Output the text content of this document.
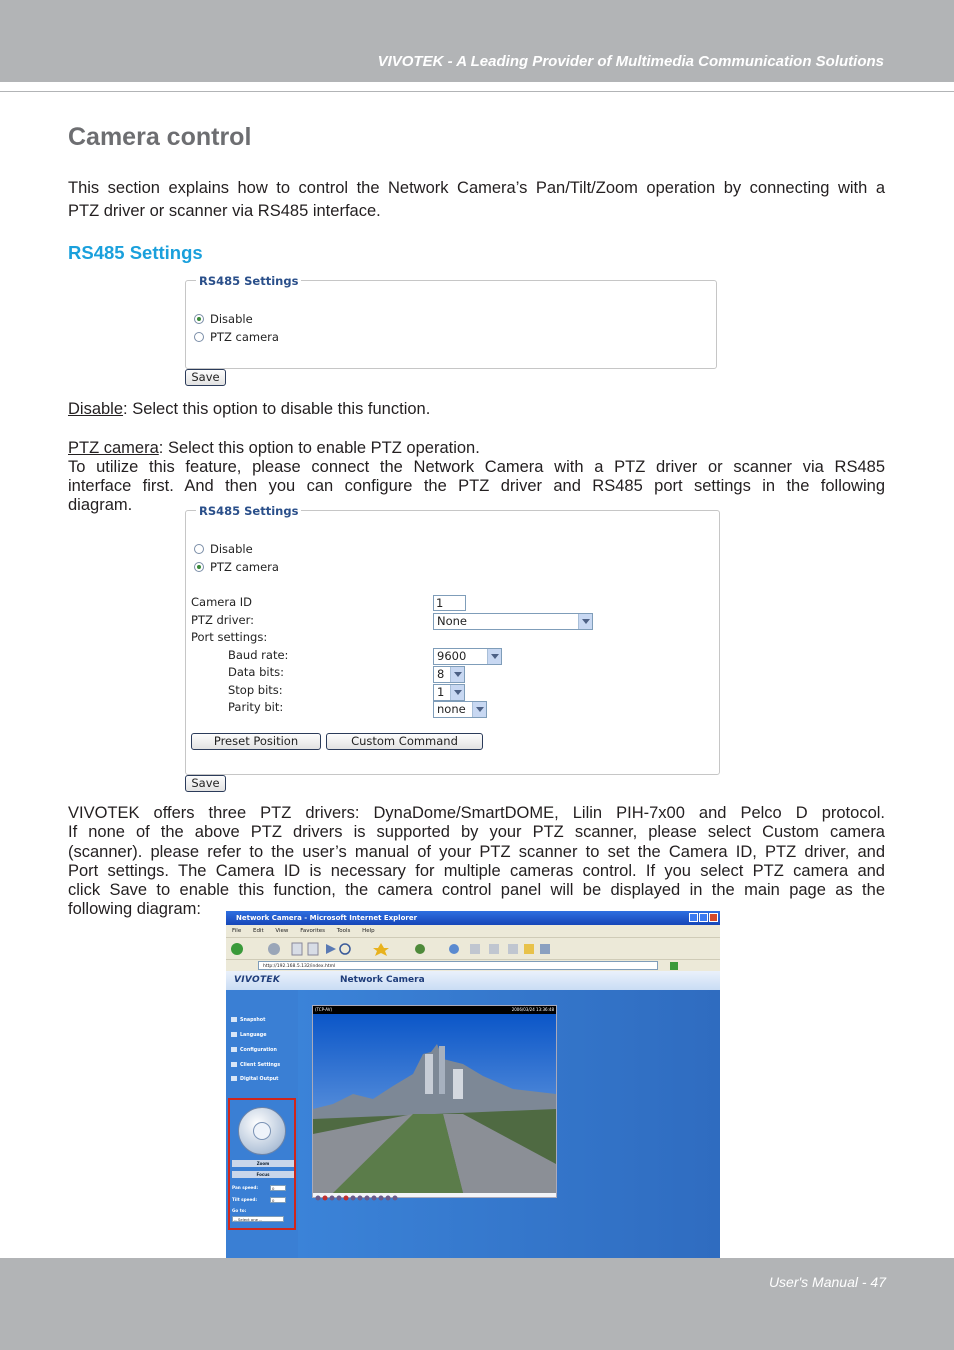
VIVOTEK - A Leading Provider of Multimedia Communication Solutions
Camera control

This section explains how to control the Network Camera’s Pan/Tilt/Zoom operation by connecting with a

PTZ driver or scanner via RS485 interface.

RS485 Settings
RS485 Settings
Disable
PTZ camera
Save

Disable: Select this option to disable this function.

PTZ camera: Select this option to enable PTZ operation.

To utilize this feature, please connect the Network Camera with a PTZ driver or scanner via RS485

interface first. And then you can configure the PTZ driver and RS485 port settings in the following

diagram.	RS485 Settings
Disable
PTZ camera
Camera ID	1
PTZ driver:	None
Port settings:
Baud rate:	9600
Data bits:	8
Stop bits:	1
Parity bit:	none
Preset Position	Custom Command
Save

VIVOTEK offers three PTZ drivers: DynaDome/SmartDOME, Lilin PIH-7x00 and Pelco D protocol.

If none of the above PTZ drivers is supported by your PTZ scanner, please select Custom camera

(scanner). please refer to the user’s manual of your PTZ scanner to set the Camera ID, PTZ driver, and

Port settings. The Camera ID is necessary for multiple cameras control. If you select PTZ camera and

click Save to enable this function, the camera control panel will be displayed in the main page as the

following diagram:	Network Camera - Microsoft Internet Explorer
File Edit View Favorites Tools Help
http://192.168.5.132/index.html
VIVOTEK	Network Camera
Snapshot
Language
Configuration
Client Settings
Digital Output
Zoom
Focus
Pan speed:	0
Tilt speed:	0
Go to:
-- Select one --
(TCP-AV)	2006/03/24 13:36:48
User's Manual - 47
